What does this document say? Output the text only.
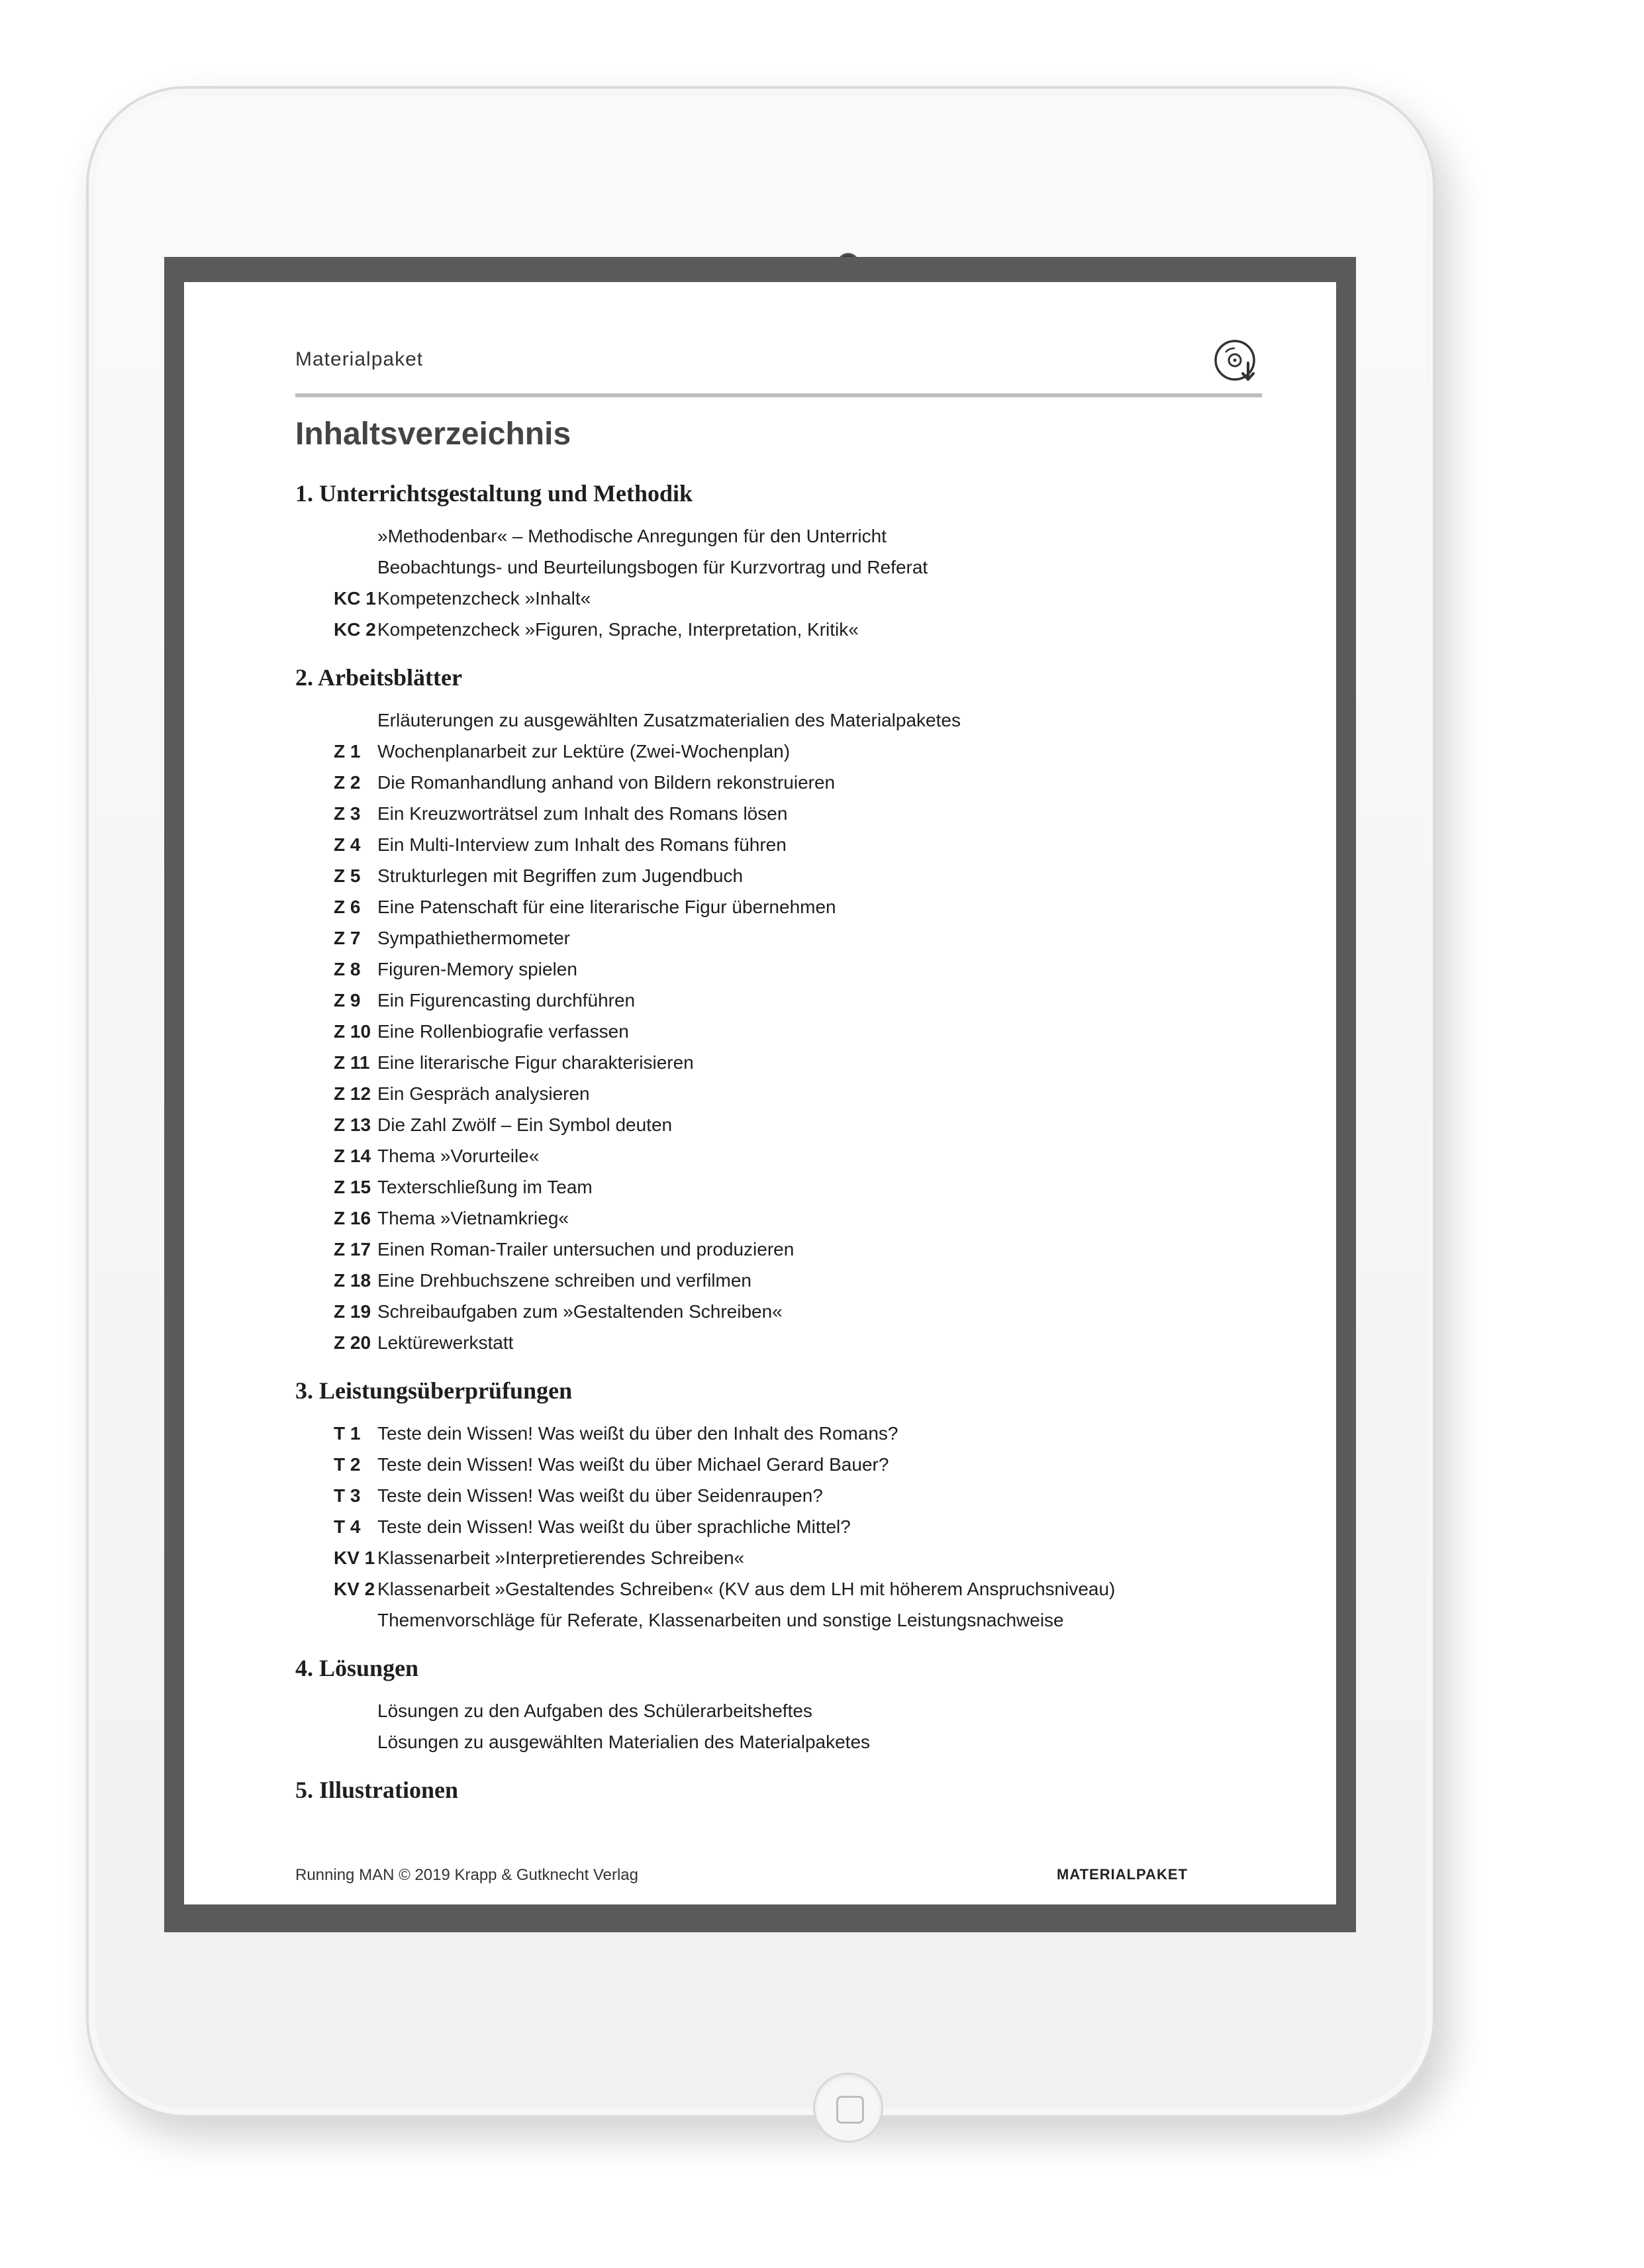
Materialpaket
Inhaltsverzeichnis
1. Unterrichtsgestaltung und Methodik
»Methodenbar« – Methodische Anregungen für den Unterricht
Beobachtungs- und Beurteilungsbogen für Kurzvortrag und Referat
KC 1Kompetenzcheck »Inhalt«
KC 2Kompetenzcheck »Figuren, Sprache, Interpretation, Kritik«
2. Arbeitsblätter
Erläuterungen zu ausgewählten Zusatzmaterialien des Materialpaketes
Z 1 Wochenplanarbeit zur Lektüre (Zwei-Wochenplan)
Z 2 Die Romanhandlung anhand von Bildern rekonstruieren
Z 3 Ein Kreuzworträtsel zum Inhalt des Romans lösen
Z 4 Ein Multi-Interview zum Inhalt des Romans führen
Z 5 Strukturlegen mit Begriffen zum Jugendbuch
Z 6 Eine Patenschaft für eine literarische Figur übernehmen
Z 7 Sympathiethermometer
Z 8 Figuren-Memory spielen
Z 9 Ein Figurencasting durchführen
Z 10 Eine Rollenbiografie verfassen
Z 11 Eine literarische Figur charakterisieren
Z 12 Ein Gespräch analysieren
Z 13 Die Zahl Zwölf – Ein Symbol deuten
Z 14 Thema »Vorurteile«
Z 15 Texterschließung im Team
Z 16 Thema »Vietnamkrieg«
Z 17 Einen Roman-Trailer untersuchen und produzieren
Z 18 Eine Drehbuchszene schreiben und verfilmen
Z 19 Schreibaufgaben zum »Gestaltenden Schreiben«
Z 20 Lektürewerkstatt
3. Leistungsüberprüfungen
T 1 Teste dein Wissen! Was weißt du über den Inhalt des Romans?
T 2 Teste dein Wissen! Was weißt du über Michael Gerard Bauer?
T 3 Teste dein Wissen! Was weißt du über Seidenraupen?
T 4 Teste dein Wissen! Was weißt du über sprachliche Mittel?
KV 1 Klassenarbeit »Interpretierendes Schreiben«
KV 2 Klassenarbeit »Gestaltendes Schreiben« (KV aus dem LH mit höherem Anspruchsniveau)
Themenvorschläge für Referate, Klassenarbeiten und sonstige Leistungsnachweise
4. Lösungen
Lösungen zu den Aufgaben des Schülerarbeitsheftes
Lösungen zu ausgewählten Materialien des Materialpaketes
5. Illustrationen
Running MAN © 2019 Krapp & Gutknecht Verlag	MATERIALPAKET
